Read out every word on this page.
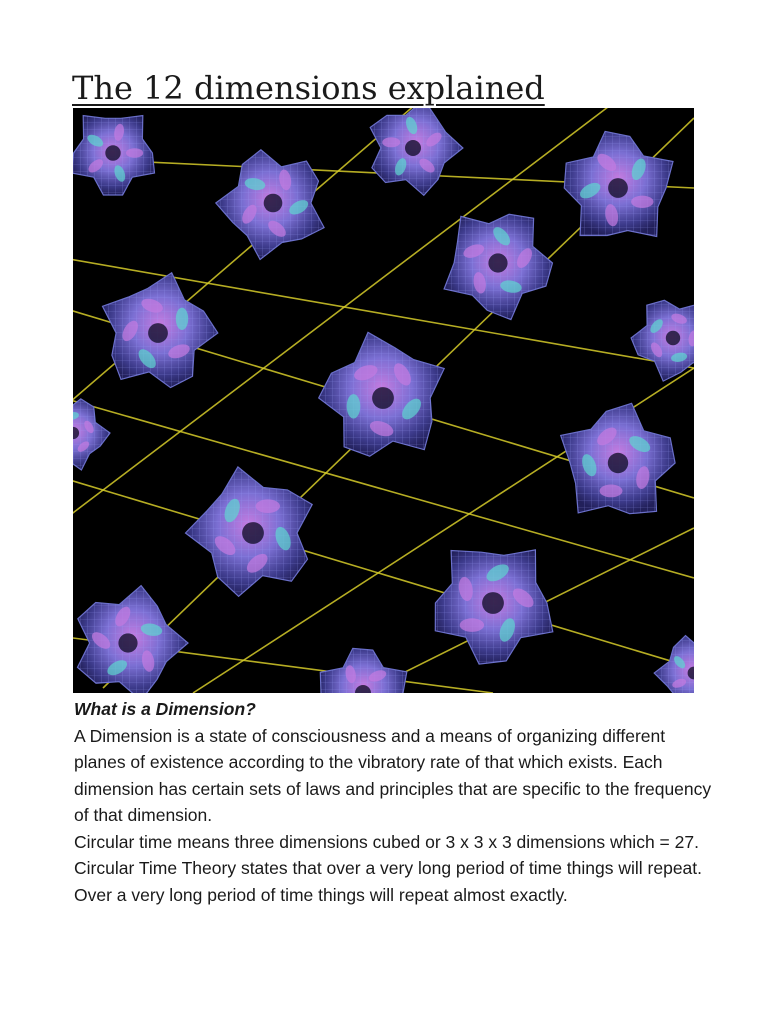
The 12 dimensions explained

What is a Dimension?

A Dimension is a state of consciousness and a means of organizing different planes of existence according to the vibratory rate of that which exists. Each dimension has certain sets of laws and principles that are specific to the frequency of that dimension.

Circular time means three dimensions cubed or 3 x 3 x 3 dimensions which = 27. Circular Time Theory states that over a very long period of time things will repeat. Over a very long period of time things will repeat almost exactly.
